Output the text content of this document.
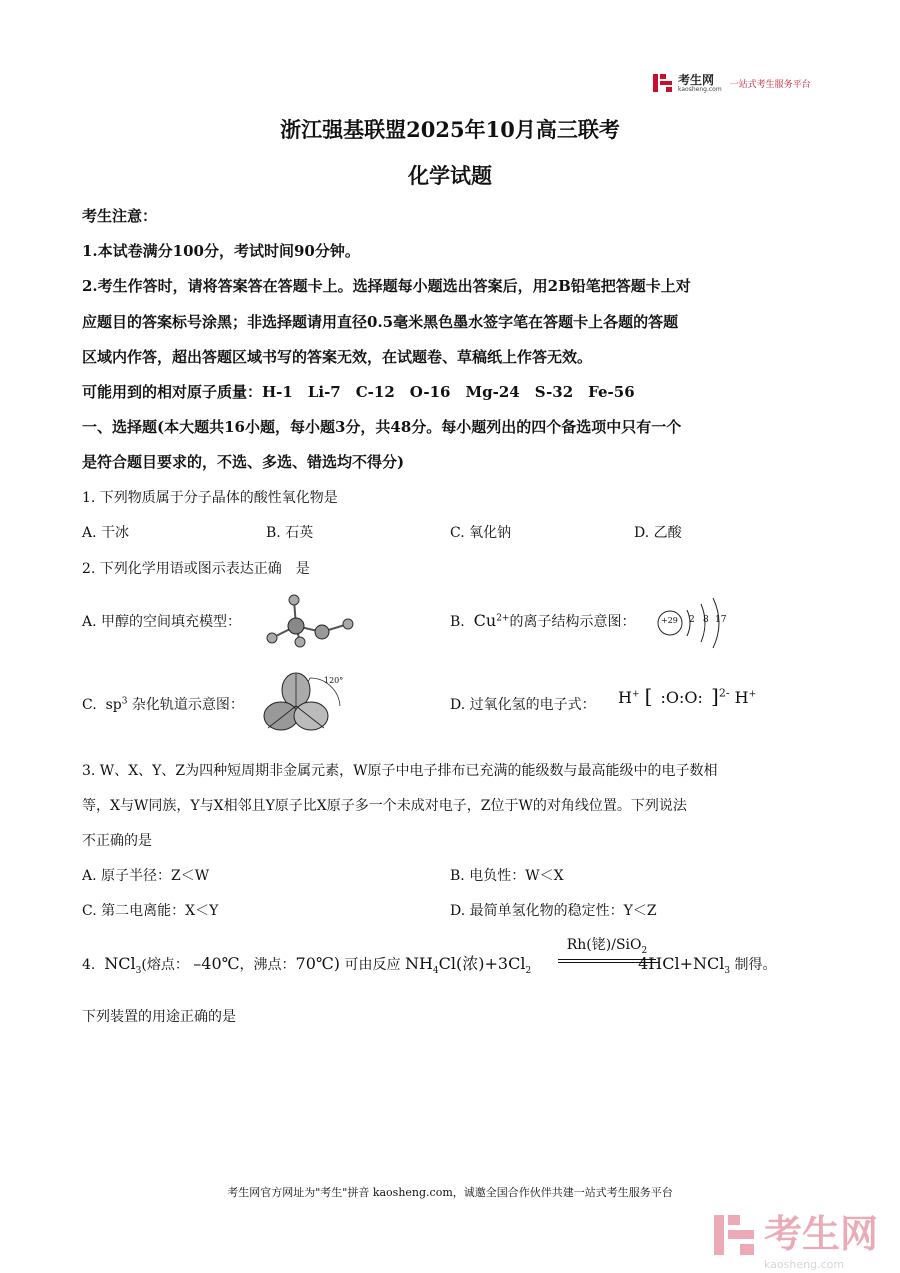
考生网
kaosheng.com 一站式考生服务平台
浙江强基联盟2025年10月高三联考
化学试题
考生注意：
1.本试卷满分100分，考试时间90分钟。
2.考生作答时，请将答案答在答题卡上。选择题每小题选出答案后，用2B铅笔把答题卡上对
应题目的答案标号涂黑；非选择题请用直径0.5毫米黑色墨水签字笔在答题卡上各题的答题
区域内作答，超出答题区域书写的答案无效，在试题卷、草稿纸上作答无效。
可能用到的相对原子质量：H-1　Li-7　C-12　O-16　Mg-24　S-32　Fe-56
一、选择题(本大题共16小题，每小题3分，共48分。每小题列出的四个备选项中只有一个
是符合题目要求的，不选、多选、错选均不得分)
1. 下列物质属于分子晶体的酸性氧化物是
A. 干冰	B. 石英	C. 氧化钠	D. 乙酸
2. 下列化学用语或图示表达正确　是
A. 甲醇的空间填充模型：	B. $Cu^{2+}$的离子结构示意图：	+29 2 8 17
C. $sp^3$ 杂化轨道示意图：
120°
D. 过氧化氢的电子式： H+ [ :O:O: ]$^{2-}$ H+
3. W、X、Y、Z为四种短周期非金属元素，W原子中电子排布已充满的能级数与最高能级中的电子数相
等，X与W同族，Y与X相邻且Y原子比X原子多一个未成对电子，Z位于W的对角线位置。下列说法
不正确的是
A. 原子半径：Z＜W	B. 电负性：W＜X
C. 第二电离能：X＜Y	D. 最简单氢化物的稳定性：Y＜Z
4. NCl$_3$(熔点： –40℃，沸点：70℃) 可由反应 $NH_4Cl$(浓)$+3Cl_2$	4HCl+NCl$_3$ 制得。
Rh(铑)/SiO$_2$
下列装置的用途正确的是
考生网官方网址为"考生"拼音 kaosheng.com，诚邀全国合作伙伴共建一站式考生服务平台
考生网
kaosheng.com
